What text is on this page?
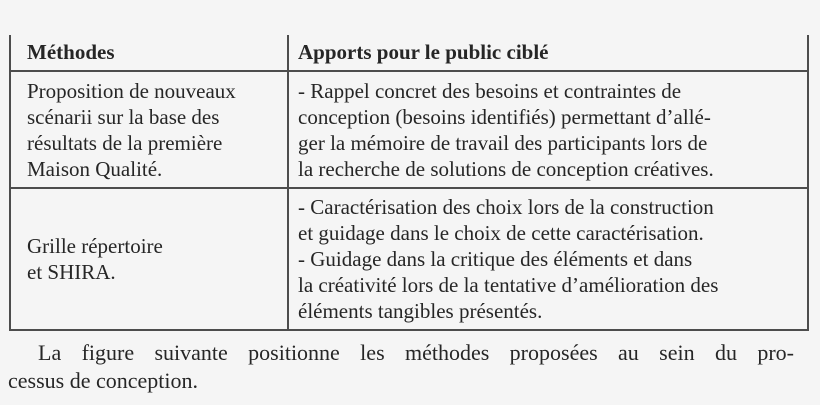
Méthodes	Apports pour le public ciblé
Proposition de nouveaux
scénarii sur la base des
résultats de la première
Maison Qualité.
- Rappel concret des besoins et contraintes de
conception (besoins identifiés) permettant d’allé-
ger la mémoire de travail des participants lors de
la recherche de solutions de conception créatives.
Grille répertoire
et SHIRA.
- Caractérisation des choix lors de la construction
et guidage dans le choix de cette caractérisation.
- Guidage dans la critique des éléments et dans
la créativité lors de la tentative d’amélioration des
éléments tangibles présentés.
La figure suivante positionne les méthodes proposées au sein du pro-
cessus de conception.
